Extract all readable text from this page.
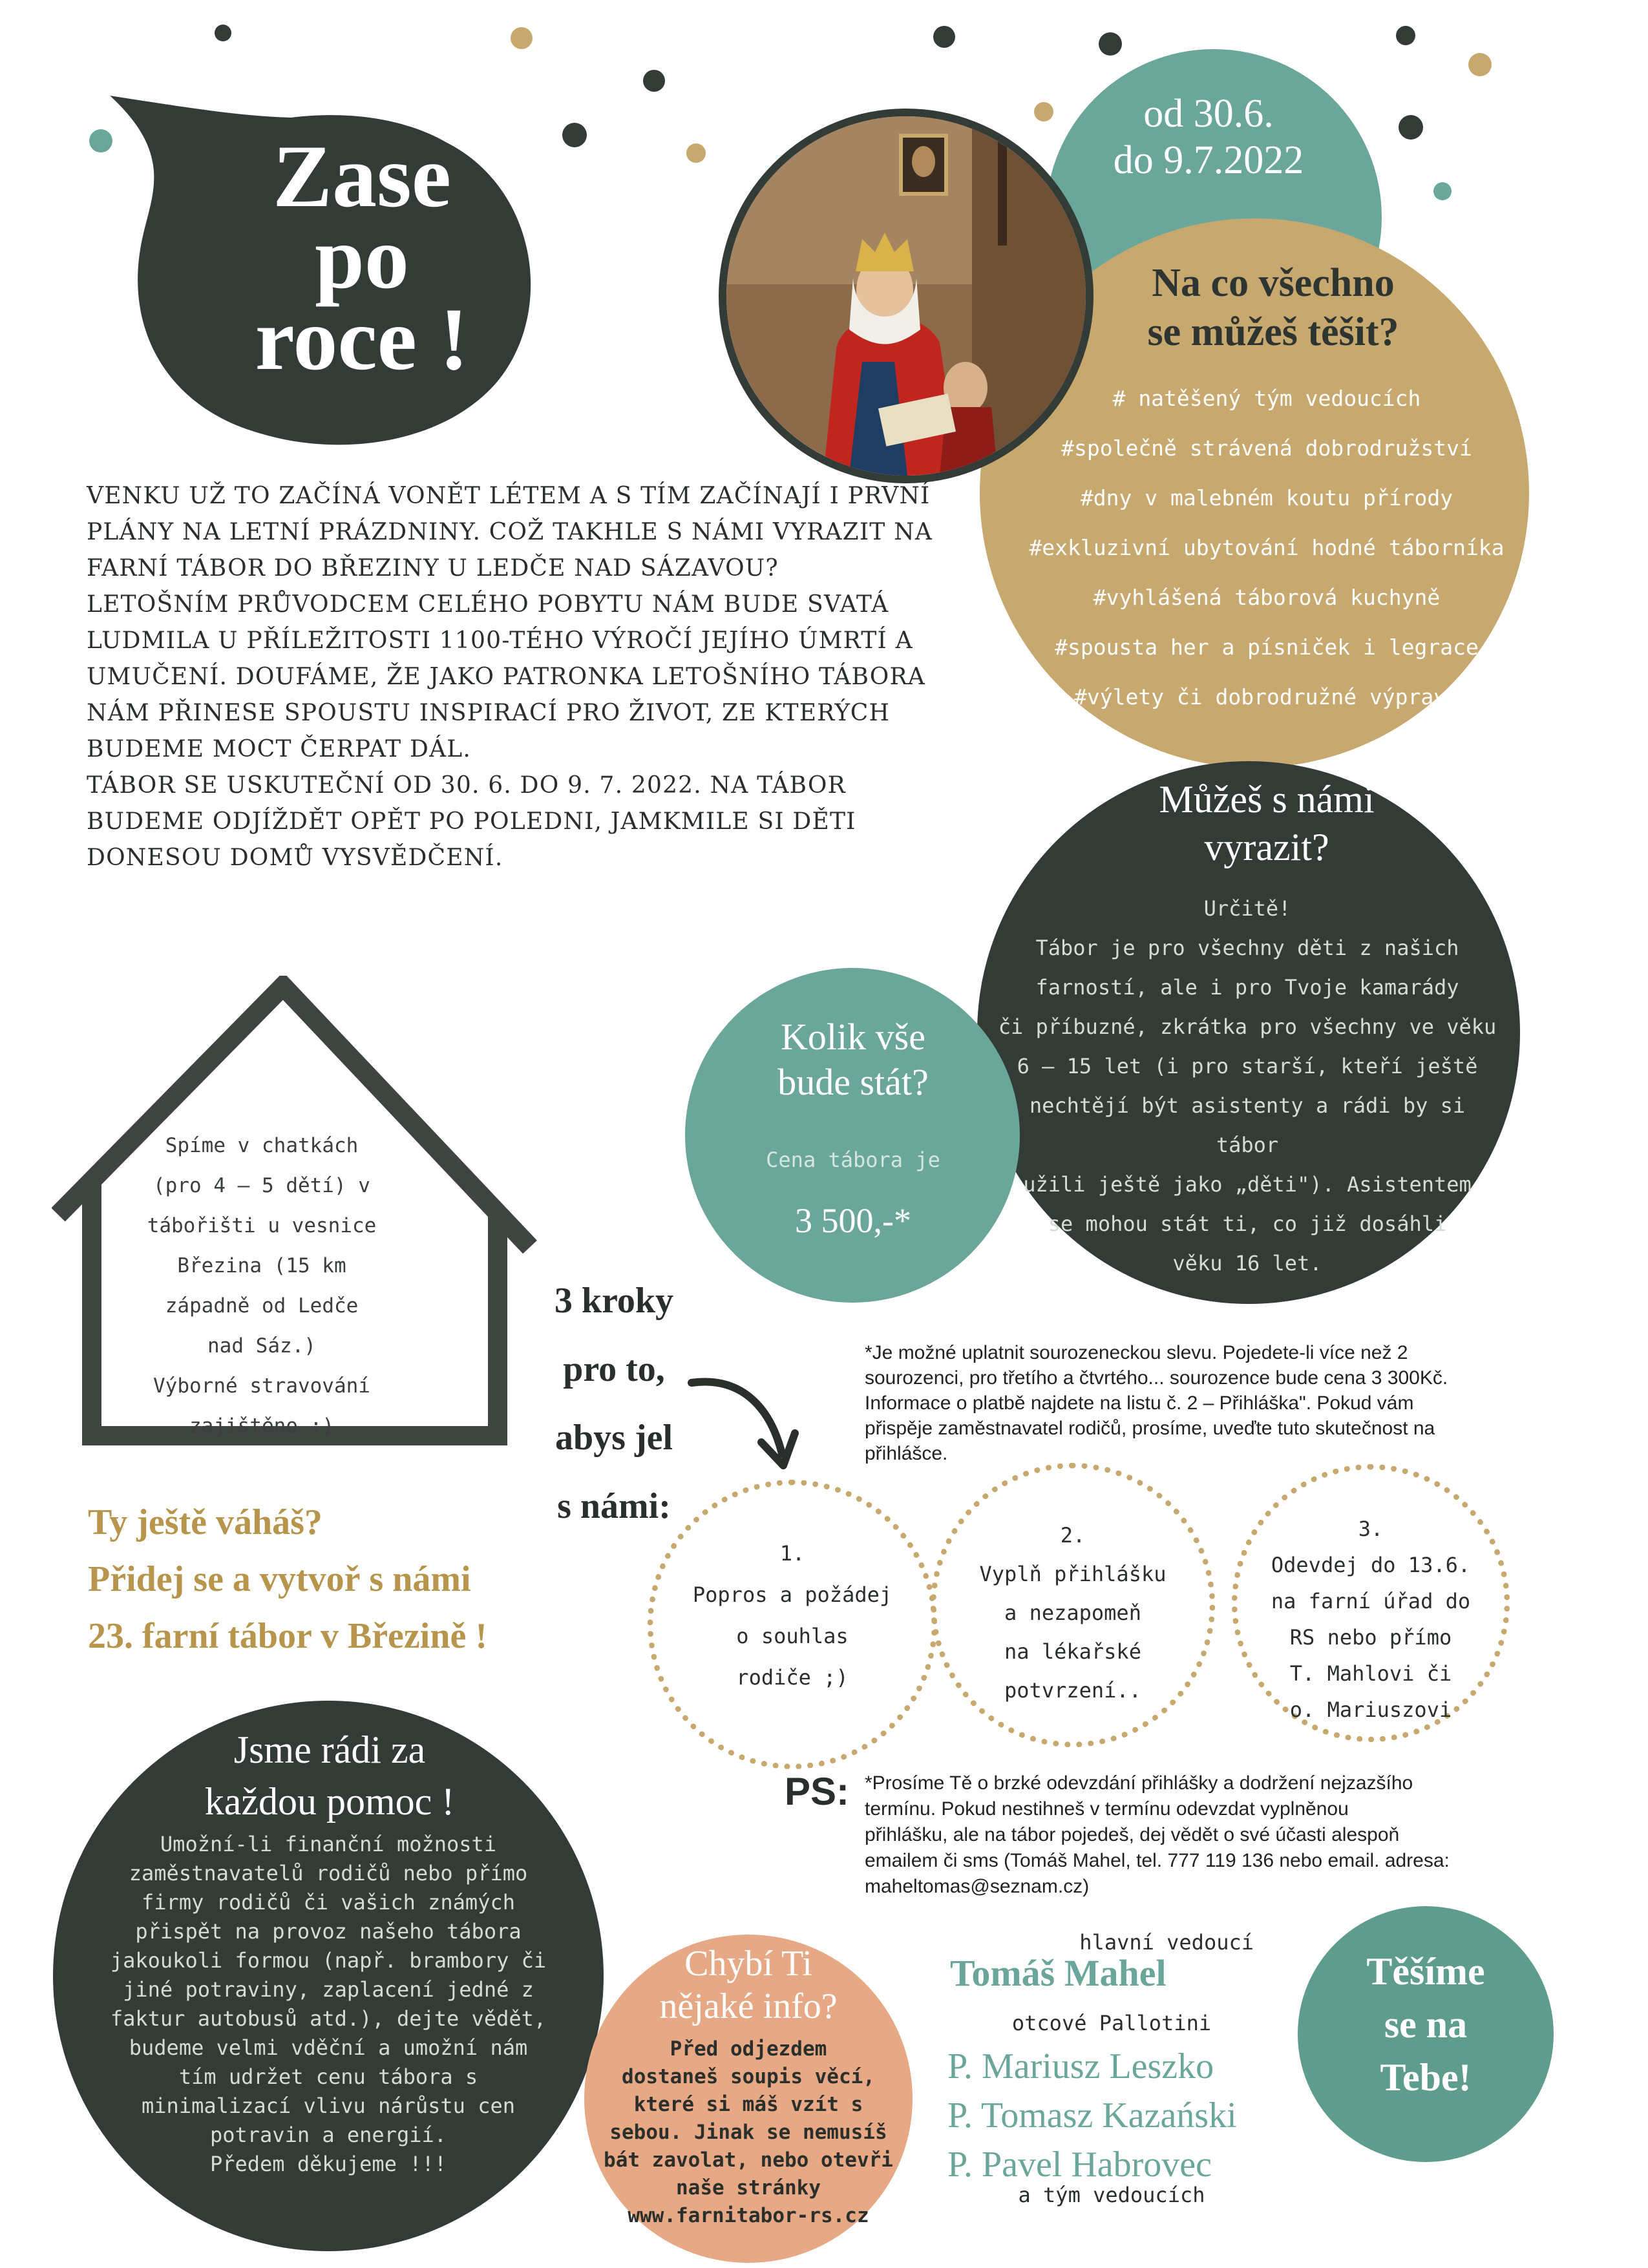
Zase
po
roce !
od 30.6.
do 9.7.2022
Na co všechno
se můžeš těšit?
# natěšený tým vedoucích
#společně strávená dobrodružství
#dny v malebném koutu přírody
#exkluzivní ubytování hodné táborníka
#vyhlášená táborová kuchyně
#spousta her a písniček i legrace
#výlety či dobrodružné výpravy
VENKU UŽ TO ZAČÍNÁ VONĚT LÉTEM A S TÍM ZAČÍNAJÍ I PRVNÍ
PLÁNY NA LETNÍ PRÁZDNINY. COŽ TAKHLE S NÁMI VYRAZIT NA
FARNÍ TÁBOR DO BŘEZINY U LEDČE NAD SÁZAVOU?
LETOŠNÍM PRŮVODCEM CELÉHO POBYTU NÁM BUDE SVATÁ
LUDMILA U PŘÍLEŽITOSTI 1100-TÉHO VÝROČÍ JEJÍHO ÚMRTÍ A
UMUČENÍ. DOUFÁME, ŽE JAKO PATRONKA LETOŠNÍHO TÁBORA
NÁM PŘINESE SPOUSTU INSPIRACÍ PRO ŽIVOT, ZE KTERÝCH
BUDEME MOCT ČERPAT DÁL.
TÁBOR SE USKUTEČNÍ OD 30. 6. DO 9. 7. 2022. NA TÁBOR
BUDEME ODJÍŽDĚT OPĚT PO POLEDNI, JAMKMILE SI DĚTI
DONESOU DOMŮ VYSVĚDČENÍ.
Můžeš s námi
vyrazit?
Určitě!
Tábor je pro všechny děti z našich
farností, ale i pro Tvoje kamarády
či příbuzné, zkrátka pro všechny ve věku
6 – 15 let (i pro starší, kteří ještě
nechtějí být asistenty a rádi by si tábor
užili ještě jako „děti"). Asistentem
se mohou stát ti, co již dosáhli
věku 16 let.
Kolik vše
bude stát?
Cena tábora je
3 500,-*
Spíme v chatkách
(pro 4 – 5 dětí) v
tábořišti u vesnice
Březina (15 km
západně od Ledče
nad Sáz.)
Výborné stravování
zajištěno :)
3 kroky
pro to,
abys jel
s námi:
*Je možné uplatnit sourozeneckou slevu. Pojedete-li více než 2
sourozenci, pro třetího a čtvrtého... sourozence bude cena 3 300Kč.
Informace o platbě najdete na listu č. 2 – Přihláška". Pokud vám
přispěje zaměstnavatel rodičů, prosíme, uveďte tuto skutečnost na
přihlášce.
1.
Popros a požádej
o souhlas
rodiče ;)
2.
Vyplň přihlášku
a nezapomeň
na lékařské
potvrzení..
3.
Odevdej do 13.6.
na farní úřad do
RS nebo přímo
T. Mahlovi či
o. Mariuszovi
Ty ještě váháš?
Přidej se a vytvoř s námi
23. farní tábor v Březině !
Jsme rádi za
každou pomoc !
Umožní-li finanční možnosti
zaměstnavatelů rodičů nebo přímo
firmy rodičů či vašich známých
přispět na provoz našeho tábora
jakoukoli formou (např. brambory či
jiné potraviny, zaplacení jedné z
faktur autobusů atd.), dejte vědět,
budeme velmi vděční a umožní nám
tím udržet cenu tábora s
minimalizací vlivu nárůstu cen
potravin a energií.
Předem děkujeme !!!
PS: *Prosíme Tě o brzké odevzdání přihlášky a dodržení nejzazšího
termínu. Pokud nestihneš v termínu odevzdat vyplněnou
přihlášku, ale na tábor pojedeš, dej vědět o své účasti alespoň
emailem či sms (Tomáš Mahel, tel. 777 119 136 nebo email. adresa:
maheltomas@seznam.cz)
Chybí Ti
nějaké info?
Před odjezdem
dostaneš soupis věcí,
které si máš vzít s
sebou. Jinak se nemusíš
bát zavolat, nebo otevři
naše stránky
www.farnitabor-rs.cz
hlavní vedoucí
Tomáš Mahel
otcové Pallotini
P. Mariusz Leszko
P. Tomasz Kazański
P. Pavel Habrovec
a tým vedoucích
Těšíme
se na
Tebe!
